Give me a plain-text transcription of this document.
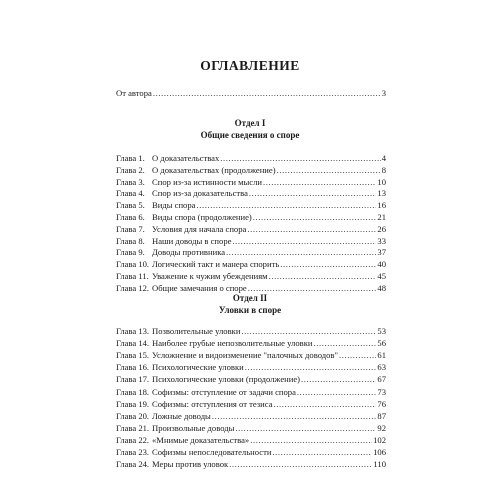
ОГЛАВЛЕНИЕ
От автора .....	3
Отдел I
Общие сведения о споре
Глава 1. О доказательствах .....	4
Глава 2. О доказательствах (продолжение) .....	8
Глава 3. Спор из-за истинности мысли .....	10
Глава 4. Спор из-за доказательства .....	13
Глава 5. Виды спора .....	16
Глава 6. Виды спора (продолжение) .....	21
Глава 7. Условия для начала спора .....	26
Глава 8. Наши доводы в споре .....	33
Глава 9. Доводы противника .....	37
Глава 10. Логический такт и манера спорить .....	40
Глава 11. Уважение к чужим убеждениям .....	45
Глава 12. Общие замечания о споре .....	48
Отдел II
Уловки в споре
Глава 13. Позволительные уловки .....	53
Глава 14. Наиболее грубые непозволительные уловки .....	56
Глава 15. Усложнение и видоизменение "палочных доводов" .....	61
Глава 16. Психологические уловки .....	63
Глава 17. Психологические уловки (продолжение) .....	67
Глава 18. Софизмы: отступление от задачи спора .....	73
Глава 19. Софизмы: отступления от тезиса .....	76
Глава 20. Ложные доводы .....	87
Глава 21. Произвольные доводы .....	92
Глава 22. «Мнимые доказательства» .....	102
Глава 23. Софизмы непоследовательности .....	106
Глава 24. Меры против уловок .....	110
